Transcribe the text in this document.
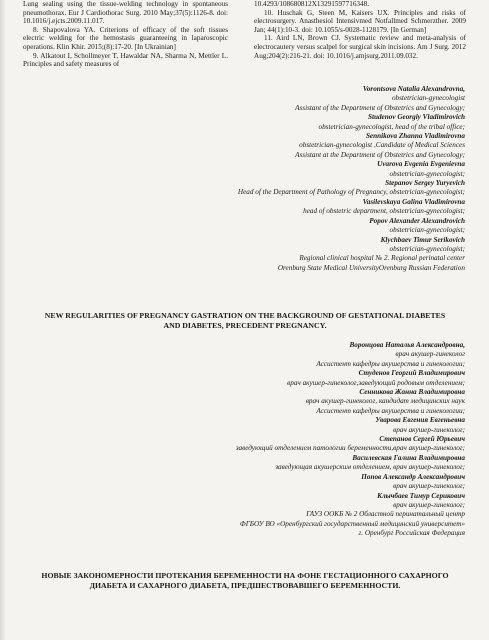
Lung sealing using the tissue-welding technology in spontaneous pneumothorax. Eur J Cardiothorac Surg. 2010 May;37(5):1126-8. doi: 10.1016/j.ejcts.2009.11.017.

8. Shapovalova YA. Criterions of efficacy of the soft tissues electric welding for the hemostasis guaranteeing in laparoscopic operations. Klin Khir. 2015;(8):17-20. [In Ukrainian]

9. Alkatout I, Schollmeyer T, Hawaldar NA, Sharma N, Mettler L. Principles and safety measures of

10.4293/108680812X13291597716348.

10. Huschak G, Steen M, Kaisers UX. Principles and risks of electrosurgery. Anasthesiol Intensivmed Notfallmed Schmerzther. 2009 Jan; 44(1):10-3. doi: 10.1055/s-0028-1128179. [In German]

11. Aird LN, Brown CJ. Systematic review and meta-analysis of electrocautery versus scalpel for surgical skin incisions. Am J Surg. 2012 Aug;204(2):216-21. doi: 10.1016/j.amjsurg.2011.09.032.

Vorontsova Natalia Alexandrovna,

obstetrician-gynecologist

Assistant of the Department of Obstetrics and Gynecology;

Studenov Georgiy Vladimirovich

obstetrician-gynecologist, head of the tribal office;

Sennikova Zhanna Vladimirovna

obstetrician-gynecologist ,Candidate of Medical Sciences

Assistant at the Department of Obstetrics and Gynecology;

Uvarova Evgenia Evgenievna

obstetrician-gynecologist;

Stepanov Sergey Yuryevich

Head of the Department of Pathology of Pregnancy, obstetrician-gynecologist;

Vasilevskaya Galina Vladimirovna

head of obstetric department, obstetrician-gynecologist;

Popov Alexander Alexandrovich

obstetrician-gynecologist;

Klychbaev Timur Serikovich

obstetrician-gynecologist;

Regional clinical hospital № 2. Regional perinatal center

Orenburg State Medical UniversityOrenburg Russian Federation

NEW REGULARITIES OF PREGNANCY GASTRATION ON THE BACKGROUND OF GESTATIONAL DIABETES AND DIABETES, PRECEDENT PREGNANCY.

Воронцова Наталья Александровна,

врач акушер-гинеколог

Ассистент кафедры акушерства и гинекологии;

Студенов Георгий Владимирович

врач акушер-гинеколог,заведующий родовым отделением;

Сенникова Жанна Владимировна

врач акушер-гинеколог, кандидат медицинских наук

Ассистент кафедры акушерства и гинекологии;

Уварова Евгения Евгеньевна

врач акушер-гинеколог;

Степанов Сергей Юрьевич

заведующий отделением патологии беременности,врач акушер-гинеколог;

Василевская Галина Владимировна

заведующая акушерским отделением, врач акушер-гинеколог;

Попов Александр Александрович

врач акушер-гинеколог;

Клычбаев Тимур Серикович

врач акушер-гинеколог;

ГАУЗ ООКБ № 2 Областной перинатальный центр

ФГБОУ ВО «Оренбургский государственный медицинский университет»

г. Оренбург Российская Федерация

НОВЫЕ ЗАКОНОМЕРНОСТИ ПРОТЕКАНИЯ БЕРЕМЕННОСТИ НА ФОНЕ ГЕСТАЦИОННОГО САХАРНОГО ДИАБЕТА И САХАРНОГО ДИАБЕТА, ПРЕДШЕСТВОВАВШЕГО БЕРЕМЕННОСТИ.
